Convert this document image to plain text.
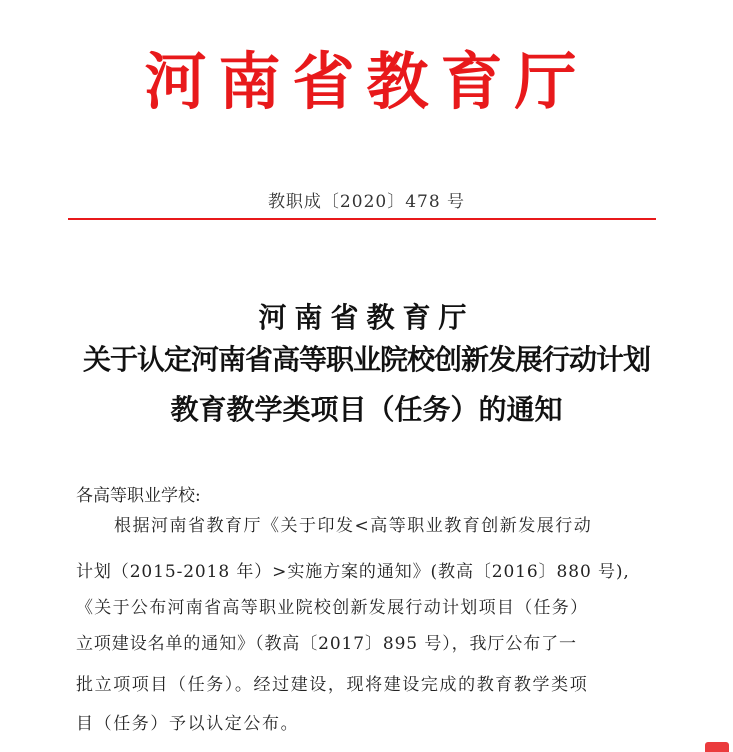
河南省教育厅
教职成〔2020〕478 号
河南省教育厅
关于认定河南省高等职业院校创新发展行动计划
教育教学类项目（任务）的通知
各高等职业学校:
根据河南省教育厅《关于印发<高等职业教育创新发展行动
计划（2015-2018 年）>实施方案的通知》(教高〔2016〕880 号),
《关于公布河南省高等职业院校创新发展行动计划项目（任务）
立项建设名单的通知》（教高〔2017〕895 号），我厅公布了一
批立项项目（任务）。经过建设，现将建设完成的教育教学类项
目（任务）予以认定公布。
